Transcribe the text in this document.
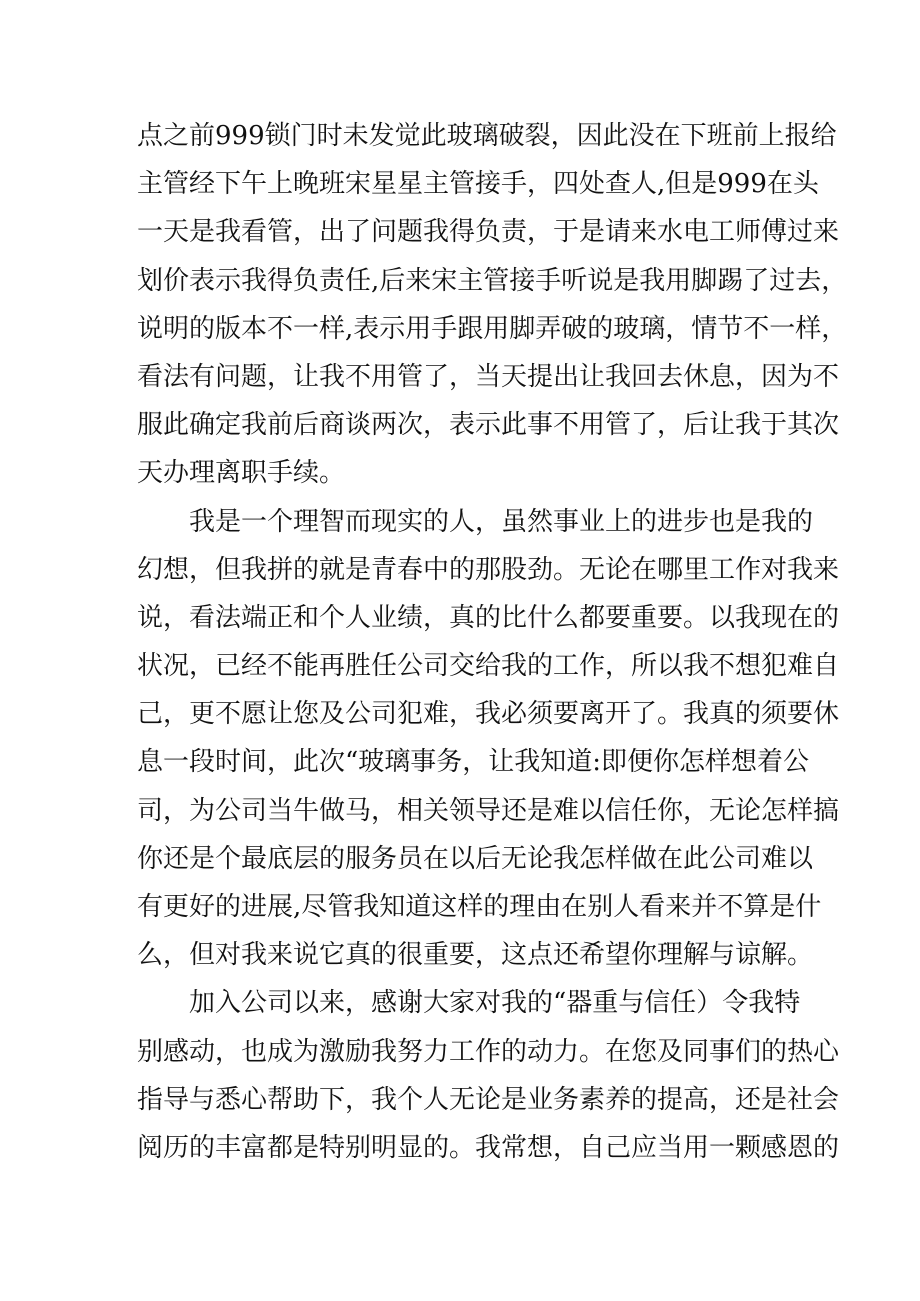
点之前999锁门时未发觉此玻璃破裂，因此没在下班前上报给
主管经下午上晚班宋星星主管接手，四处查人,但是999在头
一天是我看管，出了问题我得负责，于是请来水电工师傅过来
划价表示我得负责任,后来宋主管接手听说是我用脚踢了过去，
说明的版本不一样,表示用手跟用脚弄破的玻璃，情节不一样，
看法有问题，让我不用管了，当天提出让我回去休息，因为不
服此确定我前后商谈两次，表示此事不用管了，后让我于其次
天办理离职手续。
我是一个理智而现实的人，虽然事业上的进步也是我的
幻想，但我拼的就是青春中的那股劲。无论在哪里工作对我来
说，看法端正和个人业绩，真的比什么都要重要。以我现在的
状况，已经不能再胜任公司交给我的工作，所以我不想犯难自
己，更不愿让您及公司犯难，我必须要离开了。我真的须要休
息一段时间，此次“玻璃事务，让我知道:即便你怎样想着公
司，为公司当牛做马，相关领导还是难以信任你，无论怎样搞
你还是个最底层的服务员在以后无论我怎样做在此公司难以
有更好的进展,尽管我知道这样的理由在别人看来并不算是什
么，但对我来说它真的很重要，这点还希望你理解与谅解。
加入公司以来，感谢大家对我的“器重与信任）令我特
别感动，也成为激励我努力工作的动力。在您及同事们的热心
指导与悉心帮助下，我个人无论是业务素养的提高，还是社会
阅历的丰富都是特别明显的。我常想，自己应当用一颗感恩的
